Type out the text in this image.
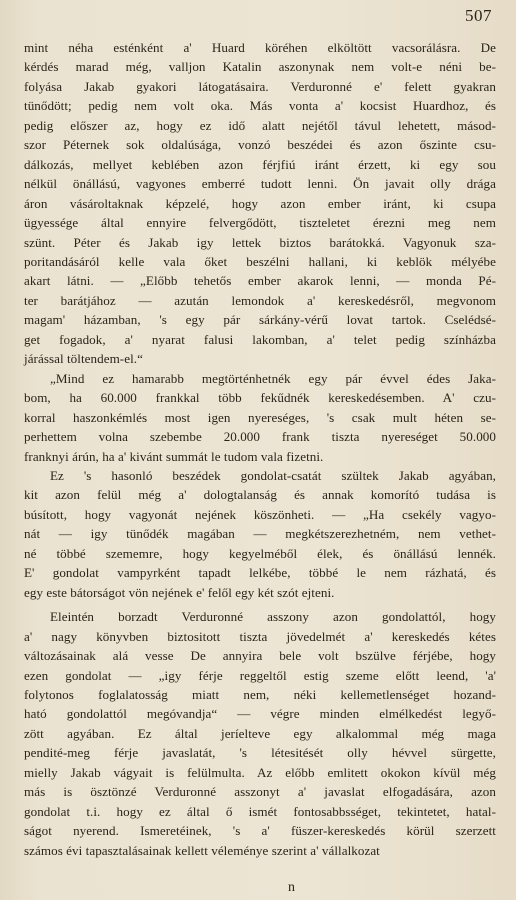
507
mint néha esténként a' Huard köréhen elköltött vacsorálásra. De
kérdés marad még, valljon Katalin aszonynak nem volt-e néni be-
folyása Jakab gyakori látogatásaira. Verduronné e' felett gyakran
tünődött; pedig nem volt oka. Más vonta a' kocsist Huardhoz, és
pedig előszer az, hogy ez idő alatt nejétől távul lehetett, másod-
szor Péternek sok oldalúsága, vonzó beszédei és azon őszinte csu-
dálkozás, mellyet keblében azon férjfiú iránt érzett, ki egy sou
nélkül önállású, vagyones emberré tudott lenni. Ön javait olly drága
áron vásároltaknak képzelé, hogy azon ember iránt, ki csupa
ügyessége által ennyire felvergődött, tiszteletet érezni meg nem
szünt. Péter és Jakab igy lettek biztos barátokká. Vagyonuk sza-
poritandásáról kelle vala őket beszélni hallani, ki keblök mélyébe
akart látni. — „Előbb tehetős ember akarok lenni, — monda Pé-
ter barátjához — azután lemondok a' kereskedésről, megvonom
magam' házamban, 's egy pár sárkány-vérű lovat tartok. Cselédsé-
get fogadok, a' nyarat falusi lakomban, a' telet pedig színházba
járással töltendem-el.“
„Mind ez hamarabb megtörténhetnék egy pár évvel édes Jaka-
bom, ha 60.000 frankkal több fekűdnék kereskedésemben. A' czu-
korral haszonkémlés most igen nyereséges, 's csak mult héten se-
perhettem volna szebembe 20.000 frank tiszta nyereséget 50.000
franknyi árún, ha a' kivánt summát le tudom vala fizetni.
Ez 's hasonló beszédek gondolat-csatát szültek Jakab agyában,
kit azon felül még a' dologtalanság és annak komorító tudása is
búsított, hogy vagyonát nejének köszönheti. — „Ha csekély vagyo-
nát — igy tünődék magában — megkétszerezhetném, nem vethet-
né többé szememre, hogy kegyelméből élek, és önállású lennék.
E' gondolat vampyrként tapadt lelkébe, többé le nem rázhatá, és
egy este bátorságot vön nejének e' felől egy két szót ejteni.
Eleintén borzadt Verduronné asszony azon gondolattól, hogy
a' nagy könyvben biztositott tiszta jövedelmét a' kereskedés kétes
változásainak alá vesse De annyira bele volt bszülve férjébe, hogy
ezen gondolat — „igy férje reggeltől estig szeme előtt leend, 'a'
folytonos foglalatosság miatt nem, néki kellemetlenséget hozand-
ható gondolattól megóvandja“ — végre minden elmélkedést legyő-
zött agyában. Ez által jeríelteve egy alkalommal még maga
pendité-meg férje javaslatát, 's létesitését olly hévvel sürgette,
mielly Jakab vágyait is felülmulta. Az előbb emlitett okokon kívül még
más is ösztönzé Verduronné asszonyt a' javaslat elfogadására, azon
gondolat t.i. hogy ez által ő ismét fontosabbsséget, tekintetet, hatal-
ságot nyerend. Ismeretéinek, 's a' füszer-kereskedés körül szerzett
számos évi tapasztalásainak kellett véleménye szerint a' vállalkozat
n
